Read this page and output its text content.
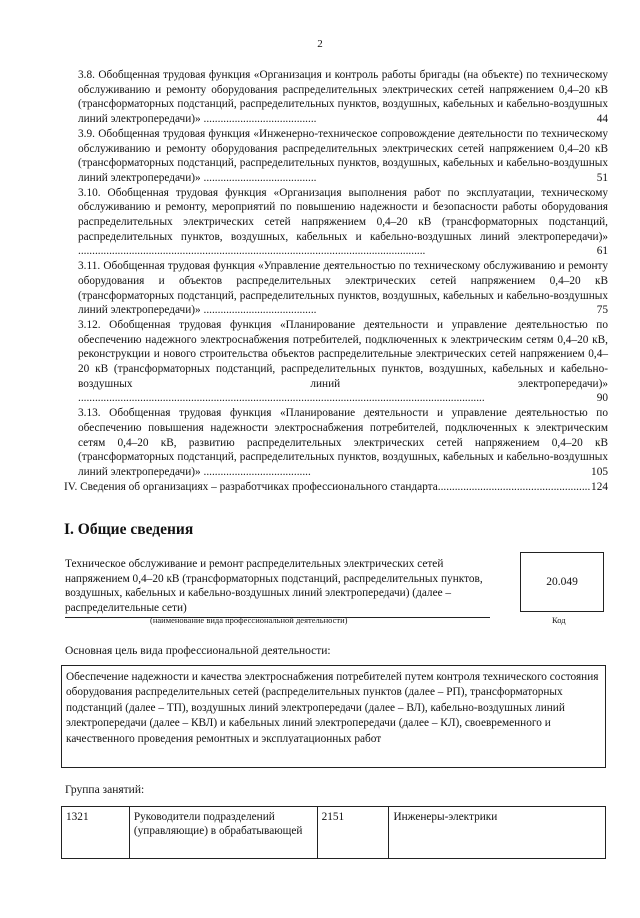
2
3.8. Обобщенная трудовая функция «Организация и контроль работы бригады (на объекте) по техническому обслуживанию и ремонту оборудования распределительных электрических сетей напряжением 0,4–20 кВ (трансформаторных подстанций, распределительных пунктов, воздушных, кабельных и кабельно-воздушных линий электропередачи)» ........................................	44
3.9. Обобщенная трудовая функция «Инженерно-техническое сопровождение деятельности по техническому обслуживанию и ремонту оборудования распределительных электрических сетей напряжением 0,4–20 кВ (трансформаторных подстанций, распределительных пунктов, воздушных, кабельных и кабельно-воздушных линий электропередачи)» ........................................	51
3.10. Обобщенная трудовая функция «Организация выполнения работ по эксплуатации, техническому обслуживанию и ремонту, мероприятий по повышению надежности и безопасности работы оборудования распределительных электрических сетей напряжением 0,4–20 кВ (трансформаторных подстанций, распределительных пунктов, воздушных, кабельных и кабельно-воздушных линий электропередачи)» ...........................................................................................................................	61
3.11. Обобщенная трудовая функция «Управление деятельностью по техническому обслуживанию и ремонту оборудования и объектов распределительных электрических сетей напряжением 0,4–20 кВ (трансформаторных подстанций, распределительных пунктов, воздушных, кабельных и кабельно-воздушных линий электропередачи)» ........................................	75
3.12. Обобщенная трудовая функция «Планирование деятельности и управление деятельностью по обеспечению надежного электроснабжения потребителей, подключенных к электрическим сетям 0,4–20 кВ, реконструкции и нового строительства объектов распределительные электрических сетей напряжением 0,4–20 кВ (трансформаторных подстанций, распределительных пунктов, воздушных, кабельных и кабельно-воздушных линий электропередачи)» ................................................................................................................................................	90
3.13. Обобщенная трудовая функция «Планирование деятельности и управление деятельностью по обеспечению повышения надежности электроснабжения потребителей, подключенных к электрическим сетям 0,4–20 кВ, развитию распределительных электрических сетей напряжением 0,4–20 кВ (трансформаторных подстанций, распределительных пунктов, воздушных, кабельных и кабельно-воздушных линий электропередачи)» ......................................	105
IV. Сведения об организациях – разработчиках профессионального стандарта .....	124
I. Общие сведения
Техническое обслуживание и ремонт распределительных электрических сетей напряжением 0,4–20 кВ (трансформаторных подстанций, распределительных пунктов, воздушных, кабельных и кабельно-воздушных линий электропередачи) (далее – распределительные сети)
(наименование вида профессиональной деятельности)
20.049
Код
Основная цель вида профессиональной деятельности:
Обеспечение надежности и качества электроснабжения потребителей путем контроля технического состояния оборудования распределительных сетей (распределительных пунктов (далее – РП), трансформаторных подстанций (далее – ТП), воздушных линий электропередачи (далее – ВЛ), кабельно-воздушных линий электропередачи (далее – КВЛ) и кабельных линий электропередачи (далее – КЛ), своевременного и качественного проведения ремонтных и эксплуатационных работ
Группа занятий:
1321	Руководители подразделений (управляющие) в обрабатывающей	2151	Инженеры-электрики
